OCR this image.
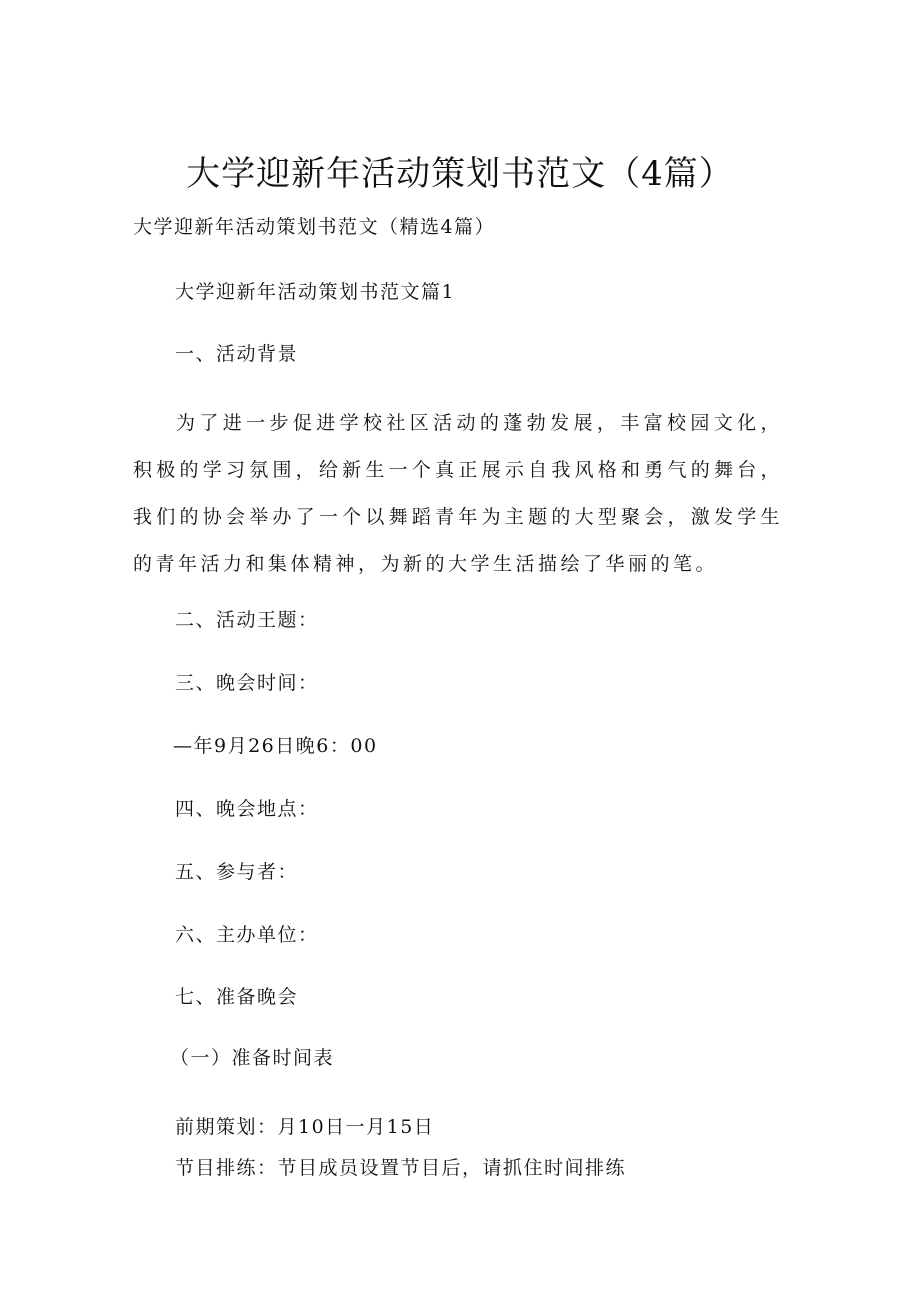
大学迎新年活动策划书范文（4篇）

大学迎新年活动策划书范文（精选4篇）

大学迎新年活动策划书范文篇1

一、活动背景

为了进一步促进学校社区活动的蓬勃发展，丰富校园文化，积极的学习氛围，给新生一个真正展示自我风格和勇气的舞台，我们的协会举办了一个以舞蹈青年为主题的大型聚会，激发学生的青年活力和集体精神，为新的大学生活描绘了华丽的笔。

二、活动王题：

三、晚会时间：

—年9月26日晚6：00

四、晚会地点：

五、参与者：

六、主办单位：

七、准备晚会

（一）准备时间表

前期策划：月10日一月15日

节目排练：节目成员设置节目后，请抓住时间排练
